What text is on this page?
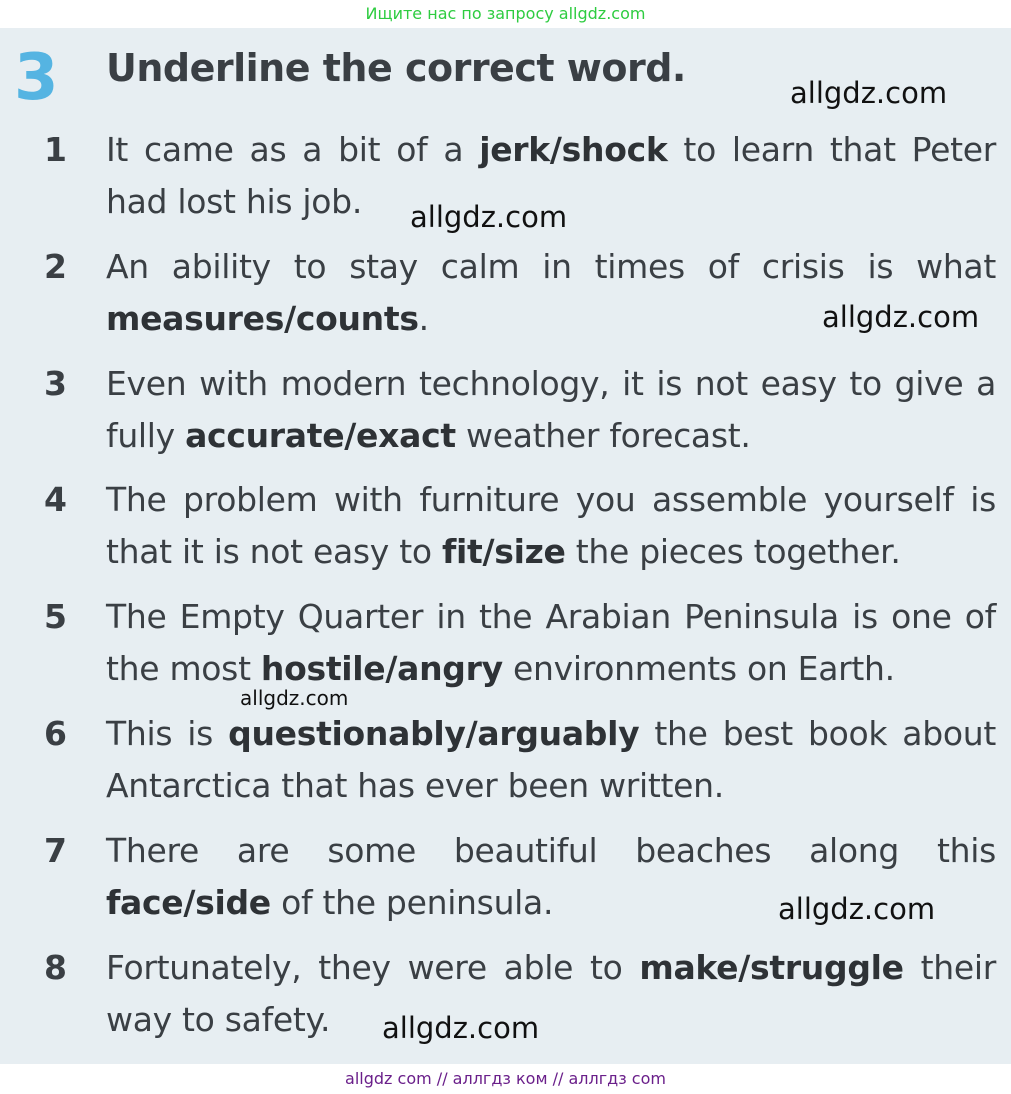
Ищите нас по запросу allgdz.com
3 Underline the correct word.
1	It came as a bit of a jerk/shock to learn that Peter had lost his job.
2	An ability to stay calm in times of crisis is what measures/counts.
3	Even with modern technology, it is not easy to give a fully accurate/exact weather forecast.
4	The problem with furniture you assemble yourself is that it is not easy to fit/size the pieces together.
5	The Empty Quarter in the Arabian Peninsula is one of the most hostile/angry environments on Earth.
6	This is questionably/arguably the best book about Antarctica that has ever been written.
7	There are some beautiful beaches along this face/side of the peninsula.
8	Fortunately, they were able to make/struggle their way to safety.
allgdz.com
allgdz.com
allgdz.com
allgdz.com
allgdz.com
allgdz.com
allgdz com // аллгдз ком // аллгдз com
